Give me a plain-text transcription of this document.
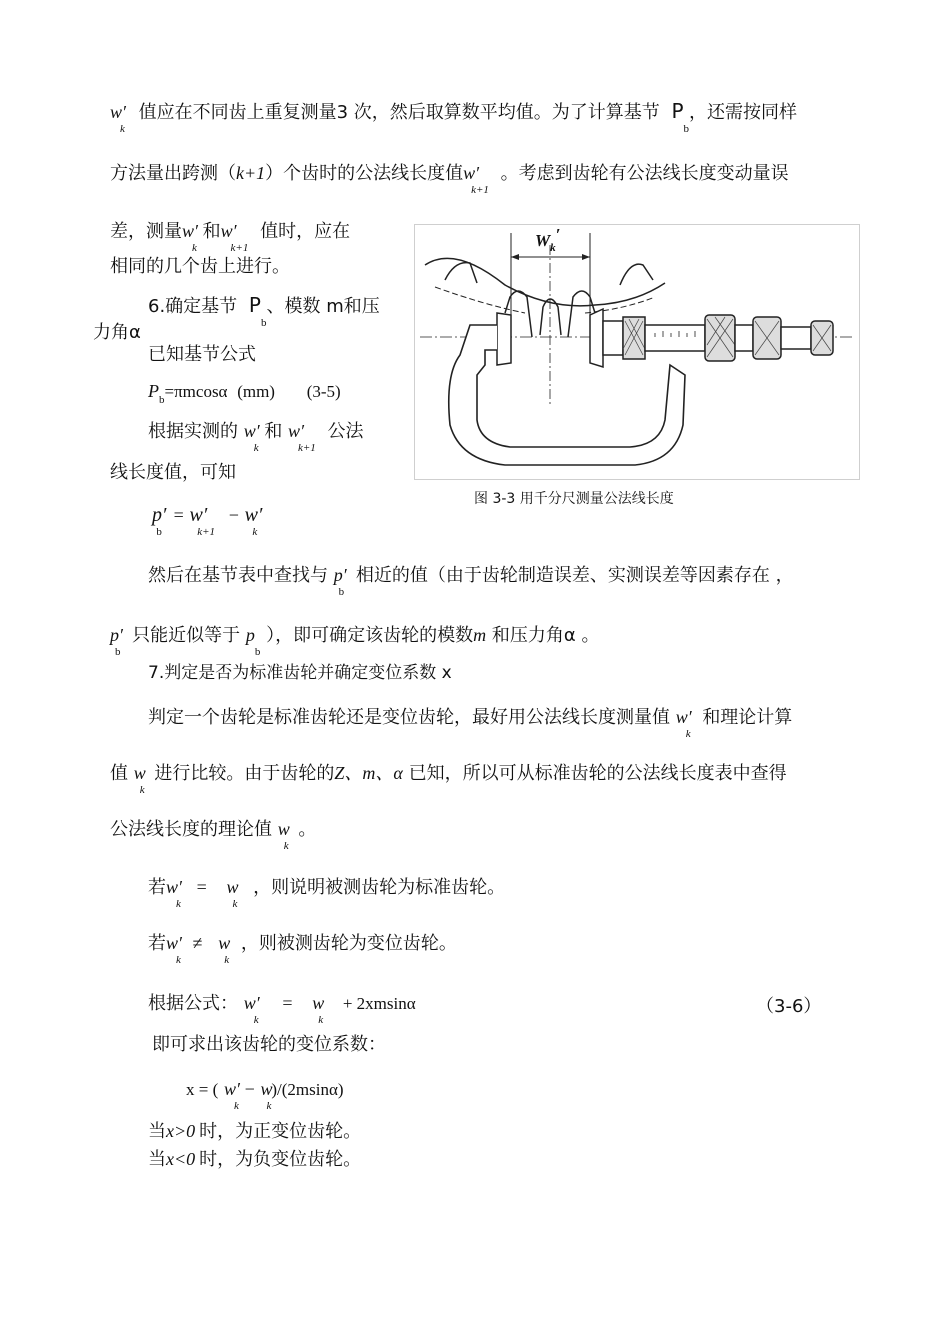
$w'_k$ 值应在不同齿上重复测量3 次，然后取算数平均值。为了计算基节 $P_b$，还需按同样
方法量出跨测（k+1）个齿时的公法线长度值$w'_{k+1}$ 。考虑到齿轮有公法线长度变动量误
差，测量$w'_k$ 和$w'_{k+1}$ 值时，应在
相同的几个齿上进行。
6.确定基节 $P_b$、模数 m和压
力角α
已知基节公式
$P_b=\pi mcos\alpha$ (mm) (3-5)
根据实测的 $w'_k$ 和 $w'_{k+1}$ 公法
线长度值，可知
$p'_b = w'_{k+1} - w'_k$
然后在基节表中查找与 $p'_b$ 相近的值（由于齿轮制造误差、实测误差等因素存在 ，
$p'_b$ 只能近似等于 $p_b$ ），即可确定该齿轮的模数m 和压力角α 。
7.判定是否为标准齿轮并确定变位系数 x
判定一个齿轮是标准齿轮还是变位齿轮，最好用公法线长度测量值 $w'_k$ 和理论计算
值 $w_k$ 进行比较。由于齿轮的Z、m、α 已知，所以可从标准齿轮的公法线长度表中查得
公法线长度的理论值 $w_k$ 。
若$w'_k = w_k$ ，则说明被测齿轮为标准齿轮。
若$w'_k \ne w_k$ ，则被测齿轮为变位齿轮。
根据公式： $w'_k = w_k + 2xmsin\alpha$	（3-6）
即可求出该齿轮的变位系数：
x = ( $w'_k - w_k)/(2msin\alpha)$
当x>0 时，为正变位齿轮。
当x<0 时，为负变位齿轮。
$W_k'$
图 3-3 用千分尺测量公法线长度
